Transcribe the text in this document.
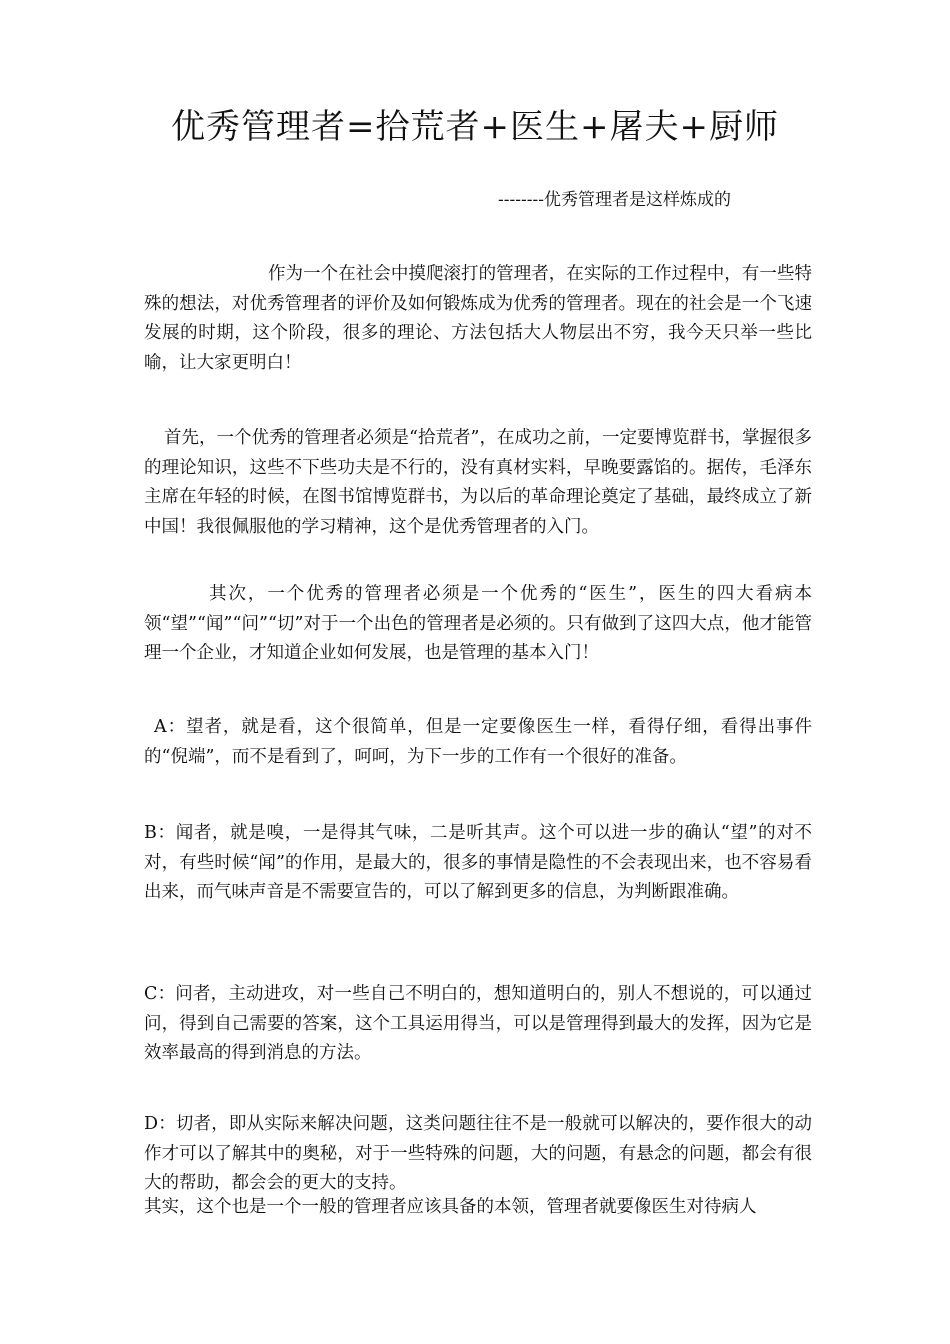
优秀管理者=拾荒者+医生+屠夫+厨师
--------优秀管理者是这样炼成的

作为一个在社会中摸爬滚打的管理者，在实际的工作过程中，有一些特殊的想法，对优秀管理者的评价及如何锻炼成为优秀的管理者。现在的社会是一个飞速发展的时期，这个阶段，很多的理论、方法包括大人物层出不穷，我今天只举一些比喻，让大家更明白！

首先，一个优秀的管理者必须是“拾荒者”，在成功之前，一定要博览群书，掌握很多的理论知识，这些不下些功夫是不行的，没有真材实料，早晚要露馅的。据传，毛泽东主席在年轻的时候，在图书馆博览群书，为以后的革命理论奠定了基础，最终成立了新中国！我很佩服他的学习精神，这个是优秀管理者的入门。

其次，一个优秀的管理者必须是一个优秀的“医生”，医生的四大看病本领“望”“闻”“问”“切”对于一个出色的管理者是必须的。只有做到了这四大点，他才能管理一个企业，才知道企业如何发展，也是管理的基本入门！

A：望者，就是看，这个很简单，但是一定要像医生一样，看得仔细，看得出事件的“倪端”，而不是看到了，呵呵，为下一步的工作有一个很好的准备。

B：闻者，就是嗅，一是得其气味，二是听其声。这个可以进一步的确认“望”的对不对，有些时候“闻”的作用，是最大的，很多的事情是隐性的不会表现出来，也不容易看出来，而气味声音是不需要宣告的，可以了解到更多的信息，为判断跟准确。

C：问者，主动进攻，对一些自己不明白的，想知道明白的，别人不想说的，可以通过问，得到自己需要的答案，这个工具运用得当，可以是管理得到最大的发挥，因为它是效率最高的得到消息的方法。

D：切者，即从实际来解决问题，这类问题往往不是一般就可以解决的，要作很大的动作才可以了解其中的奥秘，对于一些特殊的问题，大的问题，有悬念的问题，都会有很大的帮助，都会会的更大的支持。

其实，这个也是一个一般的管理者应该具备的本领，管理者就要像医生对待病人
